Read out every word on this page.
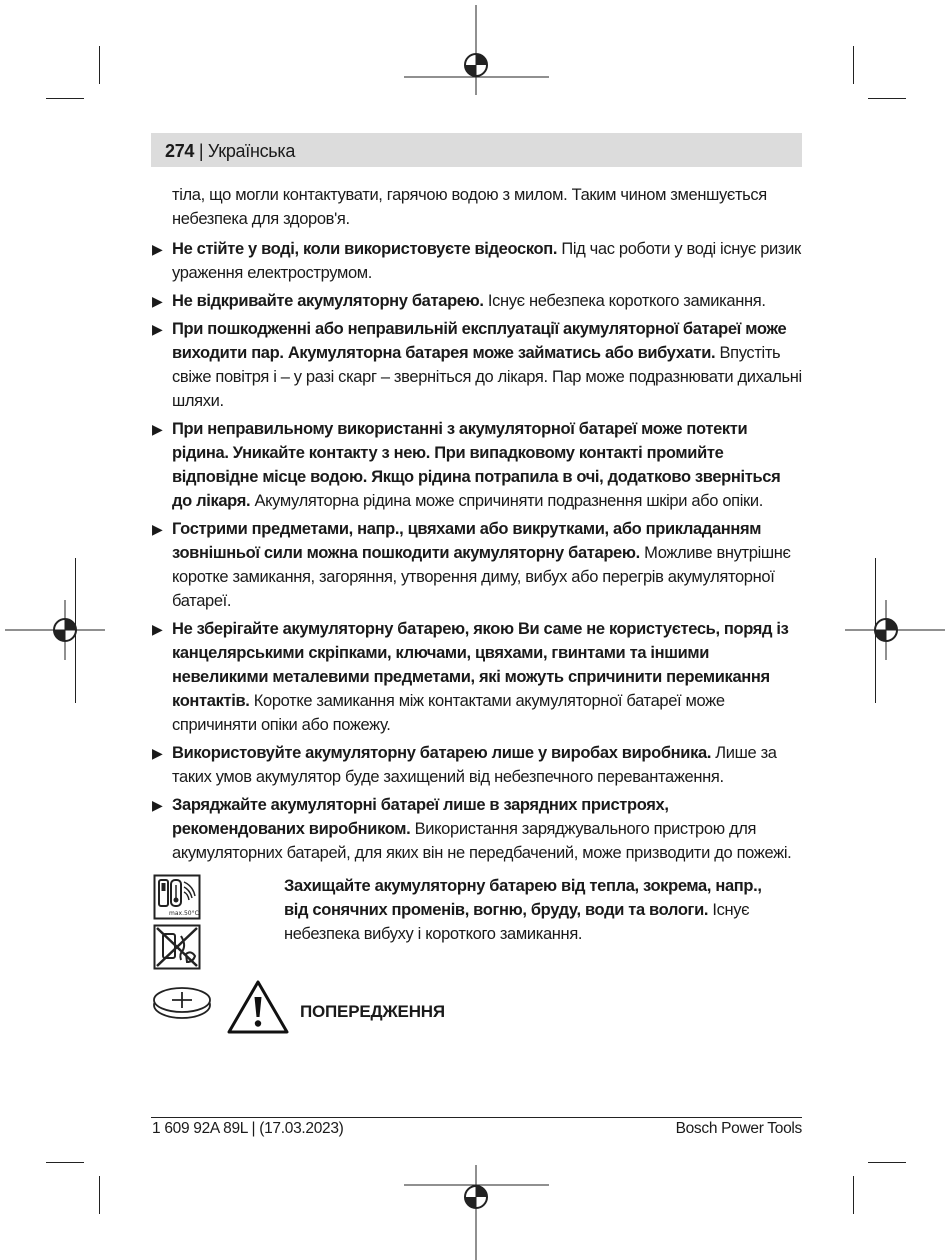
274 | Українська

тіла, що могли контактувати, гарячою водою з милом. Таким чином зменшується небезпека для здоров'я.

▶ Не стійте у воді, коли використовуєте відеоскоп. Під час роботи у воді існує ризик ураження електрострумом.
▶ Не відкривайте акумуляторну батарею. Існує небезпека короткого замикання.
▶ При пошкодженні або неправильній експлуатації акумуляторної батареї може виходити пар. Акумуляторна батарея може займатись або вибухати. Впустіть свіже повітря і – у разі скарг – зверніться до лікаря. Пар може подразнювати дихальні шляхи.
▶ При неправильному використанні з акумуляторної батареї може потекти рідина. Уникайте контакту з нею. При випадковому контакті промийте відповідне місце водою. Якщо рідина потрапила в очі, додатково зверніться до лікаря. Акумуляторна рідина може спричиняти подразнення шкіри або опіки.
▶ Гострими предметами, напр., цвяхами або викрутками, або прикладанням зовнішньої сили можна пошкодити акумуляторну батарею. Можливе внутрішнє коротке замикання, загоряння, утворення диму, вибух або перегрів акумуляторної батареї.
▶ Не зберігайте акумуляторну батарею, якою Ви саме не користуєтесь, поряд із канцелярськими скріпками, ключами, цвяхами, гвинтами та іншими невеликими металевими предметами, які можуть спричинити перемикання контактів. Коротке замикання між контактами акумуляторної батареї може спричиняти опіки або пожежу.
▶ Використовуйте акумуляторну батарею лише у виробах виробника. Лише за таких умов акумулятор буде захищений від небезпечного перевантаження.
▶ Заряджайте акумуляторні батареї лише в зарядних пристроях, рекомендованих виробником. Використання заряджувального пристрою для акумуляторних батарей, для яких він не передбачений, може призводити до пожежі.
max.50°C
Захищайте акумуляторну батарею від тепла, зокрема, напр., від сонячних променів, вогню, бруду, води та вологи. Існує небезпека вибуху і короткого замикання.
ПОПЕРЕДЖЕННЯ
1 609 92A 89L | (17.03.2023)	Bosch Power Tools
